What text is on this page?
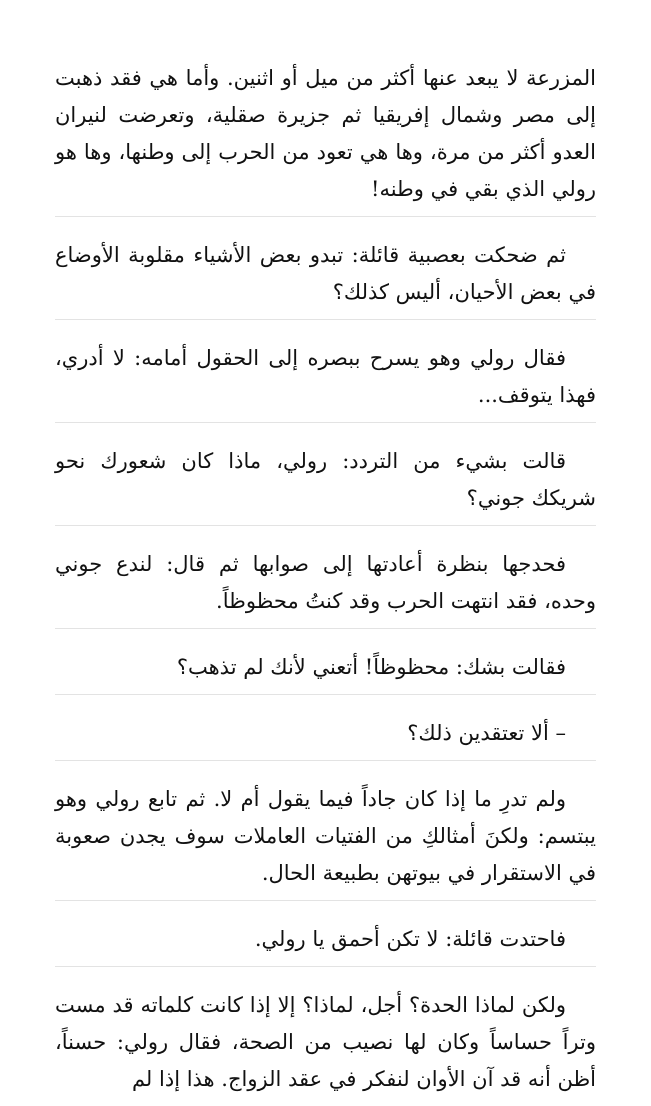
المزرعة لا يبعد عنها أكثر من ميل أو اثنين. وأما هي فقد ذهبت إلى مصر وشمال إفريقيا ثم جزيرة صقلية، وتعرضت لنيران العدو أكثر من مرة، وها هي تعود من الحرب إلى وطنها، وها هو رولي الذي بقي في وطنه!

ثم ضحكت بعصبية قائلة: تبدو بعض الأشياء مقلوبة الأوضاع في بعض الأحيان، أليس كذلك؟

فقال رولي وهو يسرح ببصره إلى الحقول أمامه: لا أدري، فهذا يتوقف...

قالت بشيء من التردد: رولي، ماذا كان شعورك نحو شريكك جوني؟

فحدجها بنظرة أعادتها إلى صوابها ثم قال: لندع جوني وحده، فقد انتهت الحرب وقد كنتُ محظوظاً.

فقالت بشك: محظوظاً! أتعني لأنك لم تذهب؟

– ألا تعتقدين ذلك؟

ولم تدرِ ما إذا كان جاداً فيما يقول أم لا. ثم تابع رولي وهو يبتسم: ولكنَ أمثالكِ من الفتيات العاملات سوف يجدن صعوبة في الاستقرار في بيوتهن بطبيعة الحال.

فاحتدت قائلة: لا تكن أحمق يا رولي.

ولكن لماذا الحدة؟ أجل، لماذا؟ إلا إذا كانت كلماته قد مست وتراً حساساً وكان لها نصيب من الصحة، فقال رولي: حسناً، أظن أنه قد آن الأوان لنفكر في عقد الزواج. هذا إذا لم
